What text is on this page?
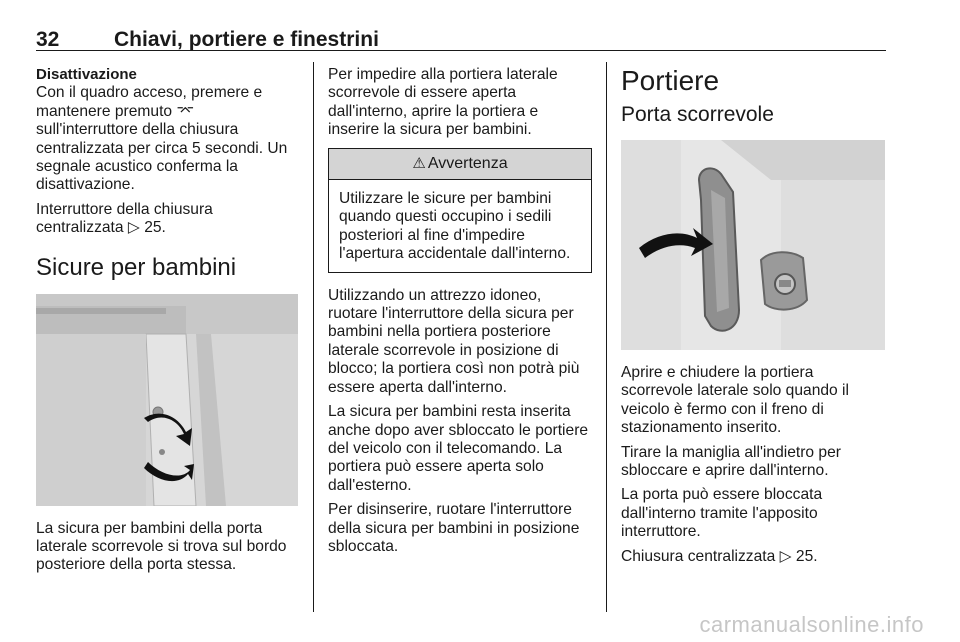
32	Chiavi, portiere e finestrini

Disattivazione

Con il quadro acceso, premere e mantenere premuto ⌤ sull'interruttore della chiusura centralizzata per circa 5 secondi. Un segnale acustico conferma la disattivazione.

Interruttore della chiusura centralizzata ▷ 25.

Sicure per bambini

La sicura per bambini della porta laterale scorrevole si trova sul bordo posteriore della porta stessa.

Per impedire alla portiera laterale scorrevole di essere aperta dall'interno, aprire la portiera e inserire la sicura per bambini.

⚠ Avvertenza
Utilizzare le sicure per bambini quando questi occupino i sedili posteriori al fine d'impedire l'apertura accidentale dall'interno.

Utilizzando un attrezzo idoneo, ruotare l'interruttore della sicura per bambini nella portiera posteriore laterale scorrevole in posizione di blocco; la portiera così non potrà più essere aperta dall'interno.

La sicura per bambini resta inserita anche dopo aver sbloccato le portiere del veicolo con il telecomando. La portiera può essere aperta solo dall'esterno.

Per disinserire, ruotare l'interruttore della sicura per bambini in posizione sbloccata.

Portiere
Porta scorrevole

Aprire e chiudere la portiera scorrevole laterale solo quando il veicolo è fermo con il freno di stazionamento inserito.

Tirare la maniglia all'indietro per sbloccare e aprire dall'interno.

La porta può essere bloccata dall'interno tramite l'apposito interruttore.

Chiusura centralizzata ▷ 25.

carmanualsonline.info
